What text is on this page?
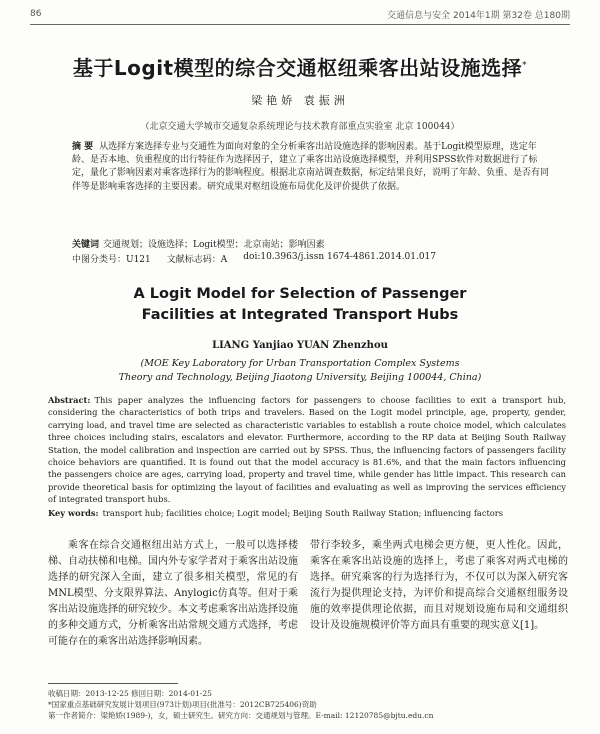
86	交通信息与安全 2014年1期 第32卷 总180期
基于Logit模型的综合交通枢纽乘客出站设施选择*
梁艳娇 袁振洲
（北京交通大学城市交通复杂系统理论与技术教育部重点实验室 北京 100044）
摘 要 从选择方案选择专业与交通性为面向对象的全分析乘客出站设施选择的影响因素。基于Logit模型原理，选定年龄、是否本地、负重程度的出行特征作为选择因子，建立了乘客出站设施选择模型，并利用SPSS软件对数据进行了标定，量化了影响因素对乘客选择行为的影响程度。根据北京南站调查数据，标定结果良好，说明了年龄、负重、是否有同伴等是影响乘客选择的主要因素。研究成果对枢纽设施布局优化及评价提供了依据。
关键词 交通规划；设施选择；Logit模型；北京南站；影响因素
中图分类号：U121 文献标志码：A doi:10.3963/j.issn 1674-4861.2014.01.017
A Logit Model for Selection of Passenger
Facilities at Integrated Transport Hubs
LIANG Yanjiao YUAN Zhenzhou
(MOE Key Laboratory for Urban Transportation Complex Systems
Theory and Technology, Beijing Jiaotong University, Beijing 100044, China)
Abstract: This paper analyzes the influencing factors for passengers to choose facilities to exit a transport hub, considering the characteristics of both trips and travelers. Based on the Logit model principle, age, property, gender, carrying load, and travel time are selected as characteristic variables to establish a route choice model, which calculates three choices including stairs, escalators and elevator. Furthermore, according to the RP data at Beijing South Railway Station, the model calibration and inspection are carried out by SPSS. Thus, the influencing factors of passengers facility choice behaviors are quantified. It is found out that the model accuracy is 81.6%, and that the main factors influencing the passengers choice are ages, carrying load, property and travel time, while gender has little impact. This research can provide theoretical basis for optimizing the layout of facilities and evaluating as well as improving the services efficiency of integrated transport hubs.
Key words: transport hub; facilities choice; Logit model; Beijing South Railway Station; influencing factors

乘客在综合交通枢纽出站方式上，一般可以选择楼梯、自动扶梯和电梯。国内外专家学者对于乘客出站设施选择的研究深入全面，建立了很多相关模型，常见的有MNL模型、分支限界算法、Anylogic仿真等。但对于乘客出站设施选择的研究较少。本文考虑乘客出站选择设施的多种交通方式，分析乘客出站常规交通方式选择，考虑可能存在的乘客出站选择影响因素。

带行李较多，乘坐两式电梯会更方便，更人性化。因此，乘客在乘客出站设施的选择上，考虑了乘客对两式电梯的选择。研究乘客的行为选择行为，不仅可以为深入研究客流行为提供理论支持，为评价和提高综合交通枢纽服务设施的效率提供理论依据，而且对规划设施布局和交通组织设计及设施规模评价等方面具有重要的现实意义[1]。

收稿日期：2013-12-25 修回日期：2014-01-25
*国家重点基础研究发展计划项目(973计划)项目(批准号：2012CB725406)资助
第一作者简介：梁艳娇(1989-)，女，硕士研究生。研究方向：交通规划与管理。E-mail: 12120785@bjtu.edu.cn
